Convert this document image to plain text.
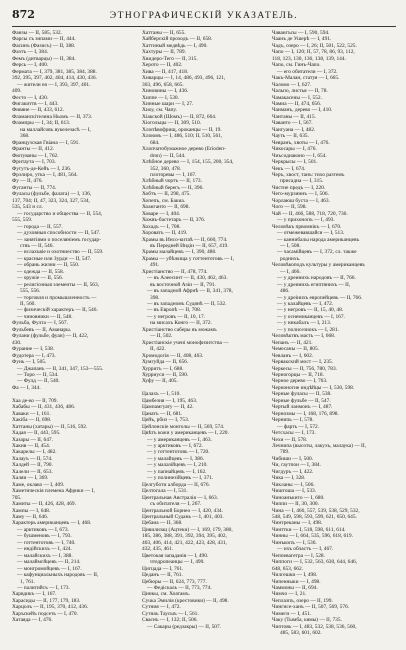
872	ЭТНОГРАФИЧЕСКІЙ УКАЗАТЕЛЬ.
Фанзы — II, 585, 532.
Фарсы съ зипами — II, 444.
Фасинъ (Фазисъ) — II, 388.
Фаэтъ — I, 384.
Фемъ (дитварцы) — II, 384.
Ферсь — I, 400.
Фермата — I, 379, 381, 385, 384, 388.
392, 395, 397, 402, 404, 414, 430, 436.
— жители ея — I, 393, 397, 401.
409.
Фесто — I, 430.
Фигакиттв — I, 443.
Фивяне — II, 433, 612.
Фламанскітелина Ньомъ — II, 373.
Флампры — I, 34; II, 613.
на маллайсовъ вукелезасѣ — I,
368.
Французская Гвіана — I, 591.
Франты — II, 412.
Фютуваны — I, 762.
Фритаута — I, 703.
Фугутъ-де-Кейъ — I, 236.
Фрэлиро, утка — I, 481, 564.
Фу — II, 476.
Фуганты — II, 774.
Фуласы (фульбе, фалата) — I, 136,
137, 704; II, 47, 323, 324, 327, 534,
535, 543 и сл.
— государство и общества — II, 554,
555, 559.
— города — II, 557.
— духовныя способности — II, 547.
— занятіями о поселяніемъ государ-
ствъ — II, 546.
— ислахъвіе и охотниество — II, 559.
— красные или Зурди — II, 547.
— обрань жизни — II, 550.
— одежда — II, 558.
— оружіе — II, 556.
— религіозныя элементы — II, 563,
555, 556.
— торговля и промышленность —
II, 560.
— физическій характеръ — II, 546.
— чиновники — II, 548.
Фульба, Фулта — I, 567.
Фульбевъ — II, Аманары.
Фулани (фульбе, фуаи) — II, 422,
430.
Фурание — I, 538.
Фудотера — I, 473.
Фунь — I, 505.
— Джапанъ — II, 341, 347, 153—555.
— Торо — II, 534.
— Фулд — II, 540.
Фа — I, 344.

Хаа де-ко — II, 709.
Хабабы — II, 431, 436, 486.
Хаваки — I, 161.
Хакіба — II, 698.
Хаттаны (хатары) — II, 516, 592.
Хадая — II, 443, 595.
Хазары — II, 647.
Хакив — II, 454.
Хакарелы — I, 482.
Халауъ — II, 574.
Халдей — II, 790.
Халели — II, 653.
Халяи — I, 369.
Хаме, оклако — I, 409.
Хаметическія племена Африки — I,
705.
Хамиты — II, 426, 428, 469.
Хампы — I, 648.
Хаму — II, 646.
Характерь американцевъ — I, 468.
— арктиковъ — I, 673.
— бушменовъ — I, 793.
— готтентотовъ — I, 740.
— индійскихъ — I, 424.
— малайскихъ — I, 388.
— малаймсйцевъ — II, 214.
— монгромойцевъ — I, 167.
— кафунциальныхъ народовъ — II,
1, 761.
— палигийсъ — I, 173.
Харвдикъ — I, 167.
Харасиды — II, 177, 179, 183.
Харцолъ — II, 195, 370, 412, 436.
Харъскейъ подсеть — I, 470.
Хатаяда — I, 476.
Хаттаны — II, 655.
Хайберскій проходъ — II, 658.
Хаттиный медвѣдь — I, 490.
Хахтуры — II, 789.
Хвидеро-Тего — II, 315.
Херото — II, 402.
Хива — II, 417, 418.
Хиварцы — I, 14, 486, 493, 496, 121,
303, 496, 658, 665.
Хиновины — I, 436.
Хиппе — I, 530.
Хинные шари — I, 27.
Хиоу, см. Чапу.
Хіакской (Шомъ) — II, 872, 664.
Хіогольцы — II, 309, 510.
Хлопѣвофрищ, ороканцы — II, 19.
Хлоюмъ — I, 486, 510; II, 510, 561,
684.
Хлопчатобумажное дерево (Eriodeп-
dron) — II, 544.
Хлѣбное дерево — I, 154, 155, 200, 354,
352, 360, 478.
плоторевы — I, 167.
Хлѣбный чортъ — II, 173.
Хлѣбный берегь — II, 396.
Хобтъ — II, 298, 475.
Хопепъ, см. Бакиа.
Хоанганто — II, 698.
Ховаре — I, 404.
Хожвъ-бастетаръ — II, 376.
Хохадъ — I, 708.
Хороватъ — II, 419.
Храмы въ Инсо-китаѣ — II, 660, 774.
въ Передней Индіи — II, 657, 419.
Храмы малайцевъ — I, 390, 488.
Храмы — убѣжища у готтентотовъ — I,
491.
Христіанство — II, 478, 774.
— въ Алеесинт — II, 430, 462, 463.
въ восточной Азіи — II, 791.
— въ западной Африѣ — II, 341, 378,
398.
— въ западномъ Судянѣ — II, 532.
— въ Европѣ — II, 708.
— у негровъ — II, 10, 17.
на мисахъ Конго — II, 372.
Христіанство саберы въ можамъ
— II, 502.
Христіанскіе учені монофизитства —
II, 422.
Хромодогія — II, 408, 463.
Хумгуйда — II, 656.
Хурритъ — I, 688.
Хурриуси — II, 590.
Хуфу — II, 405.

Цалахъ — I, 510.
Цамбезия — I, 195, 463.
Цампамгуату — II, 42.
Цанатъ — II, 681.
Цейъ, рбиз — I, 753.
Цейлонскіе монголы — II, 569, 574.
Цвѣтъ кожи у американцевъ — I, 220.
— у американцевъ — I, 463.
— у арктиковъ — I, 672.
— у готтентотовъ — I, 720.
— у малайцевъ — I, 386.
— у малазійцевъ — I, 210.
— у папнайцевъ — I, 162.
— у полинезійцевъ — I, 371.
Целгуботи алборда — II, 676.
Целтогала — I, 531.
Центральная Австралія — I, 663.
съ обитателя — I, 267.
Центральной Борнео — I, 420, 434.
Центральный Судань — I, 401, 403.
Цебана — II, 368.
Цивилизац (Ацтеки) — I, 169, 179, 380,
185, 386, 388, 391, 392, 394, 395, 402,
403, 406, 414, 421, 422, 423, 428, 431,
432, 435, 461.
Цветокая западанія — I, 490.
чтедропеанцы — I, 490.
Цигцада — I, 761.
Цеданъ — II, 761.
Цебюры — II, 624, 773, 777.
— Федіскаль — II, 773, 774.
Цинкы, см. Хоатамъ.
Cyuка Эмилія (крестовики) — II, 498.
Сутния — I, 472.
Сутнаъ Таусыъ — I, 561.
Сваснъ — I, 132; II, 506.
— Сакары (редзакры) — II, 507.
Чавангъсы — I, 590, 594.
Чаанъ де Ушерѣ — I, 491.
Чадъ, озеро — I, 26; II, 501, 522, 525.
Чапо — I, 120; II, 57, 78, 86, 93, 112,
118, 123, 130, 136, 138, 139, 144.
Чапо, см. Гинъ-Чапо.
— его обитатели — I, 372.
Чакъ-Малан, статуя — I, 665.
Чаломо — I, 627.
Чальпо, листья — II, 78.
Чамакасены — I, 552.
Чамиа — II, 474, 656.
Чанманъ, дерево — I, 410.
Чантаны — II, 415.
Чаванто — I, 567.
Чангуана — I, 482.
Чауть — II, 635.
Чевранъ, хвоты — I, 476.
Чикосары — I, 476.
Чиъсодиаконо — I, 654.
Черкрысы — I, 501.
Чекъ — I, 674.
Черъ, хвост, танъ: тихо разтемъ
присадна — I, 315.
Чистие предъ — I, 220.
Чего-мурзиннъ — I, 506.
Чорлаюш буста — I, 463.
Чого — II, 598.
Чай — II, 466, 588, 718, 720, 736.
— у прихонопъ — I, 493.
Человѣкъ првомнікъ — I, 670.
— отмежевавшайся — I, 513.
— каннибалы народа американцевъ
— I, 508.
— часамійцевъ — I, 372, сл. также
роднихъ.
Человѣкоподъ культуры у американцевъ
— I, 466.
— у дреинихъ народовъ — II, 766.
— у дреинихъ египтянихъ — II,
486.
— у дреінихъ европейцевъ — II, 766.
— у калайцевъ — I, 472.
— у негровъ — II, 15, 40, 48.
— у оснемиканцевъ — I, 167.
— у никабалъ — I, 213.
— у полисезиокъ — I, 281.
Человѣктвъ масть — I, 668.
Чепанъ — II, 421.
Чемесаны — II, 805.
Чевланъ — I, 602.
Червакский мост — I, 235.
Черкесы — II, 756, 780, 783.
Черногорцы — II, 718.
Черное дерево — I, 763.
Черноногие индѣйцы — I, 530, 598.
Черные фуласы — II, 538.
Черные фульбе — II, 547.
Чертый ланмонъ — I, 487.
Чернозмы — I, 168, 176, 898.
Чернипь — I, 578.
— фарть — I, 572.
Четсхасы — I, 173.
Чехи — II, 578.
Лечнипа (высоты, лакухъ, малаука) — II,
789.
Чибиши — I, 500.
Чи, гаутпон — I, 384.
Чигдуръ — I, 422.
Чика — I, 328.
Чикланы — I, 506.
Чиштоша — I, 533.
Чиноанъкито — I, 680.
Чиппи — II, 30, 300.
Чина — I, 466, 557, 539, 538, 529, 532,
548, 549, 598, 593, 599, 621, 650, 645.
Чинтреканы — I, 498.
Чинттки — I, 518, 598, 611, 614.
Чинны — I, 664, 535, 596, 618, 619.
Чинъкопъ — I, 536.
— ихъ областъ — I, 467.
Чеппевагетра — I, 528.
Чиппоги — I, 532, 563, 630, 644, 646,
648, 653, 662.
Чилгешки — I, 498.
Чипенныки — I, 498.
Чаммоны — II, 694.
Чимчо — I, 21.
Чеплазпъ, озеро — II, 199.
Чингисе-ханъ — II, 507, 569, 576.
Чимеги — I, 451.
Чаку (Тымба, кямы) — II, 735.
Чиптовъ — I, 483, 532, 538, 536, 560,
485, 583, 601, 602.
